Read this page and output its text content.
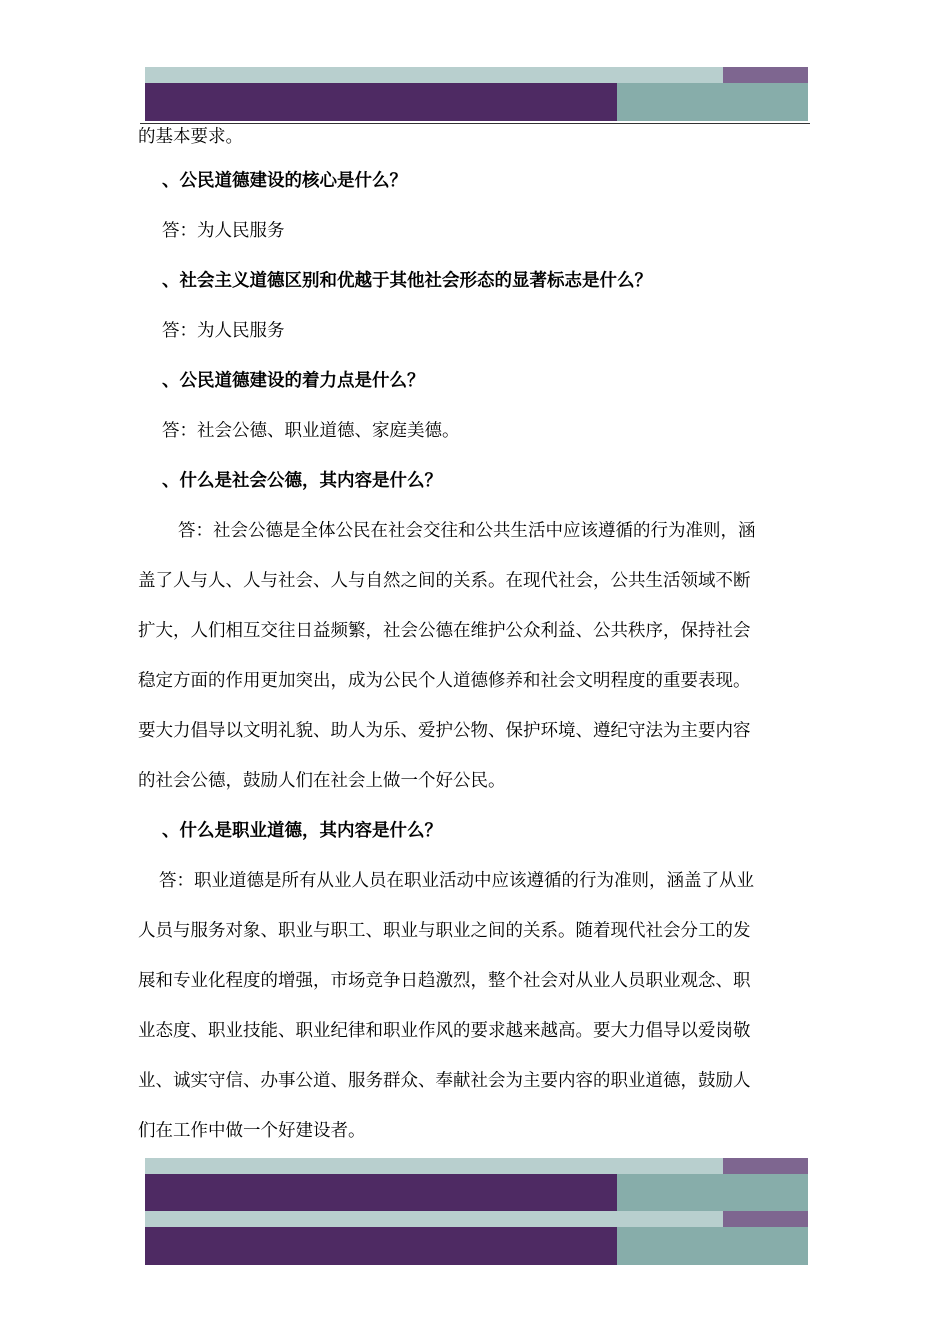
的基本要求。
、公民道德建设的核心是什么？
答：为人民服务
、社会主义道德区别和优越于其他社会形态的显著标志是什么？
答：为人民服务
、公民道德建设的着力点是什么？
答：社会公德、职业道德、家庭美德。
、什么是社会公德，其内容是什么？
答：社会公德是全体公民在社会交往和公共生活中应该遵循的行为准则，涵
盖了人与人、人与社会、人与自然之间的关系。在现代社会，公共生活领域不断
扩大，人们相互交往日益频繁，社会公德在维护公众利益、公共秩序，保持社会
稳定方面的作用更加突出，成为公民个人道德修养和社会文明程度的重要表现。
要大力倡导以文明礼貌、助人为乐、爱护公物、保护环境、遵纪守法为主要内容
的社会公德，鼓励人们在社会上做一个好公民。
、什么是职业道德，其内容是什么？
答：职业道德是所有从业人员在职业活动中应该遵循的行为准则，涵盖了从业
人员与服务对象、职业与职工、职业与职业之间的关系。随着现代社会分工的发
展和专业化程度的增强，市场竞争日趋激烈，整个社会对从业人员职业观念、职
业态度、职业技能、职业纪律和职业作风的要求越来越高。要大力倡导以爱岗敬
业、诚实守信、办事公道、服务群众、奉献社会为主要内容的职业道德，鼓励人
们在工作中做一个好建设者。
